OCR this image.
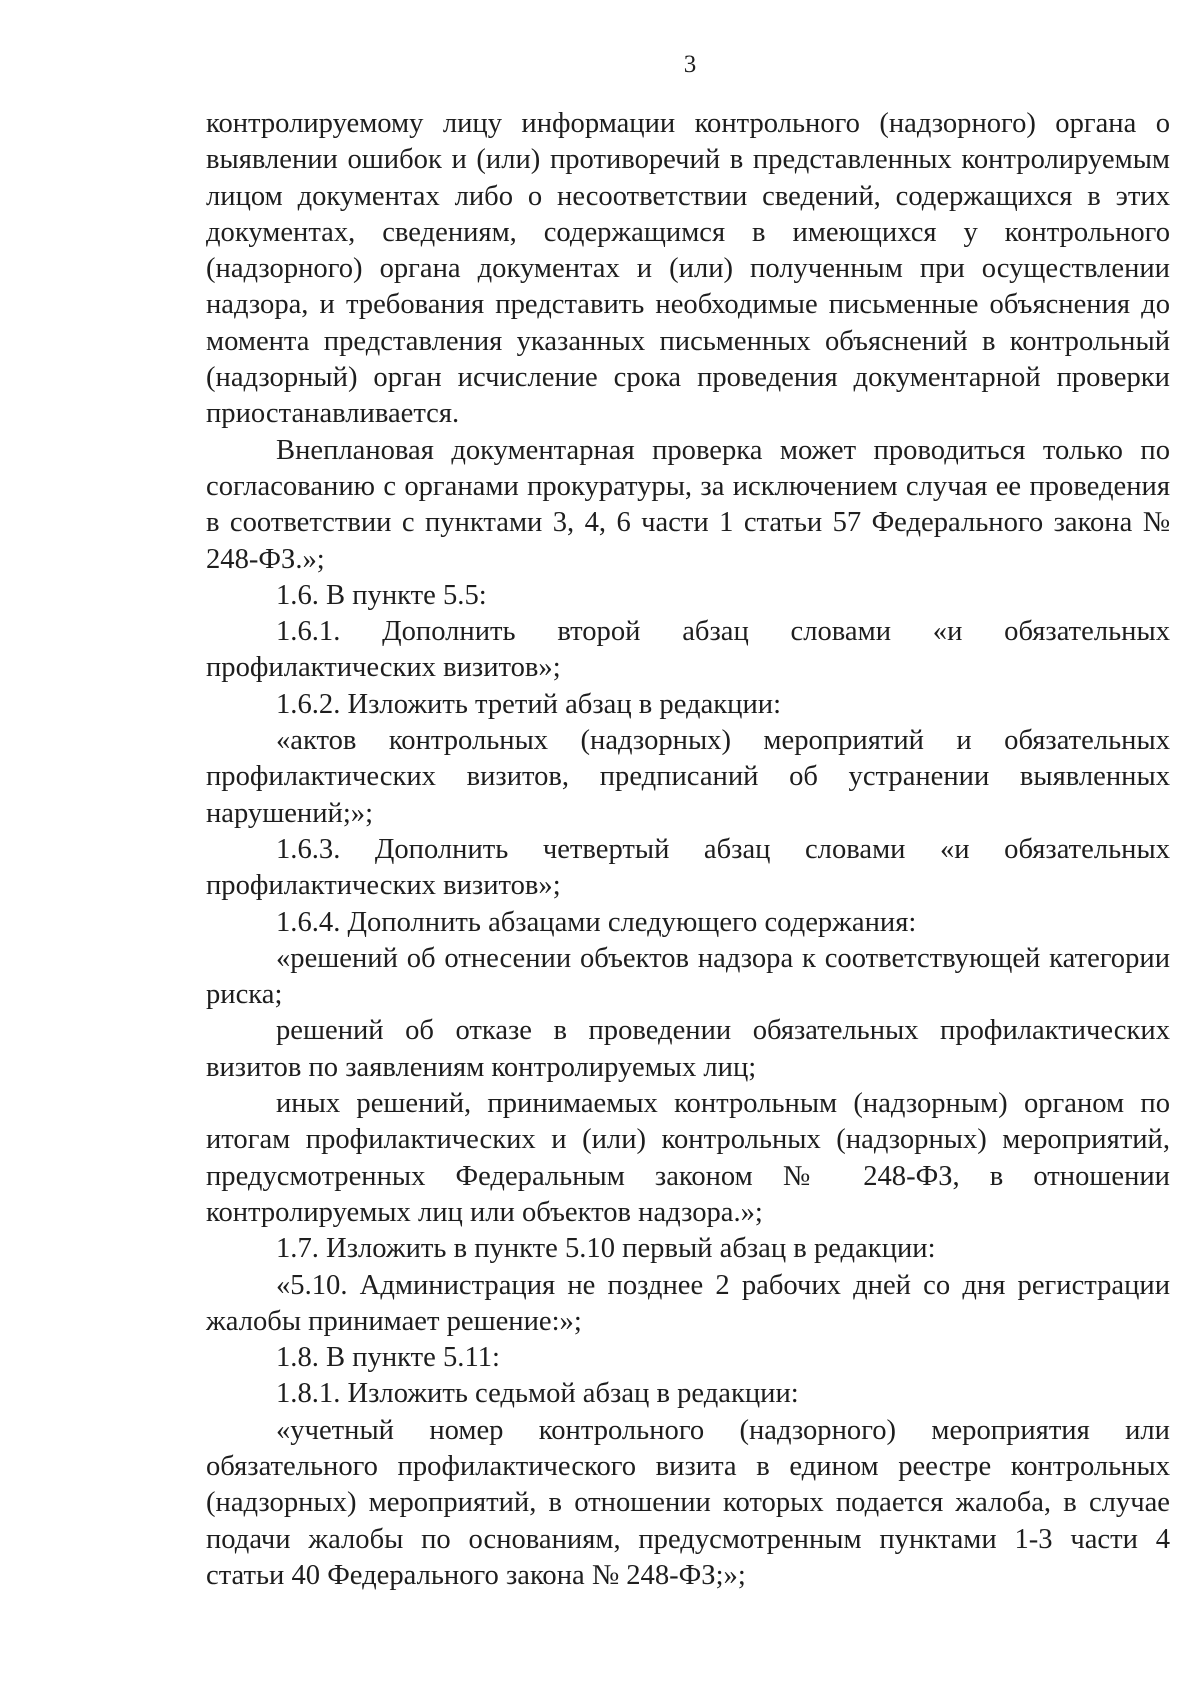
3

контролируемому лицу информации контрольного (надзорного) органа о выявлении ошибок и (или) противоречий в представленных контролируемым лицом документах либо о несоответствии сведений, содержащихся в этих документах, сведениям, содержащимся в имеющихся у контрольного (надзорного) органа документах и (или) полученным при осуществлении надзора, и требования представить необходимые письменные объяснения до момента представления указанных письменных объяснений в контрольный (надзорный) орган исчисление срока проведения документарной проверки приостанавливается.

Внеплановая документарная проверка может проводиться только по согласованию с органами прокуратуры, за исключением случая ее проведения в соответствии с пунктами 3, 4, 6 части 1 статьи 57 Федерального закона № 248-ФЗ.»;

1.6. В пункте 5.5:

1.6.1. Дополнить второй абзац словами «и обязательных профилактических визитов»;

1.6.2. Изложить третий абзац в редакции:

«актов контрольных (надзорных) мероприятий и обязательных профилактических визитов, предписаний об устранении выявленных нарушений;»;

1.6.3. Дополнить четвертый абзац словами «и обязательных профилактических визитов»;

1.6.4. Дополнить абзацами следующего содержания:

«решений об отнесении объектов надзора к соответствующей категории риска;

решений об отказе в проведении обязательных профилактических визитов по заявлениям контролируемых лиц;

иных решений, принимаемых контрольным (надзорным) органом по итогам профилактических и (или) контрольных (надзорных) мероприятий, предусмотренных Федеральным законом № 248-ФЗ, в отношении контролируемых лиц или объектов надзора.»;

1.7. Изложить в пункте 5.10 первый абзац в редакции:

«5.10. Администрация не позднее 2 рабочих дней со дня регистрации жалобы принимает решение:»;

1.8. В пункте 5.11:

1.8.1. Изложить седьмой абзац в редакции:

«учетный номер контрольного (надзорного) мероприятия или обязательного профилактического визита в едином реестре контрольных (надзорных) мероприятий, в отношении которых подается жалоба, в случае подачи жалобы по основаниям, предусмотренным пунктами 1-3 части 4 статьи 40 Федерального закона № 248-ФЗ;»;
